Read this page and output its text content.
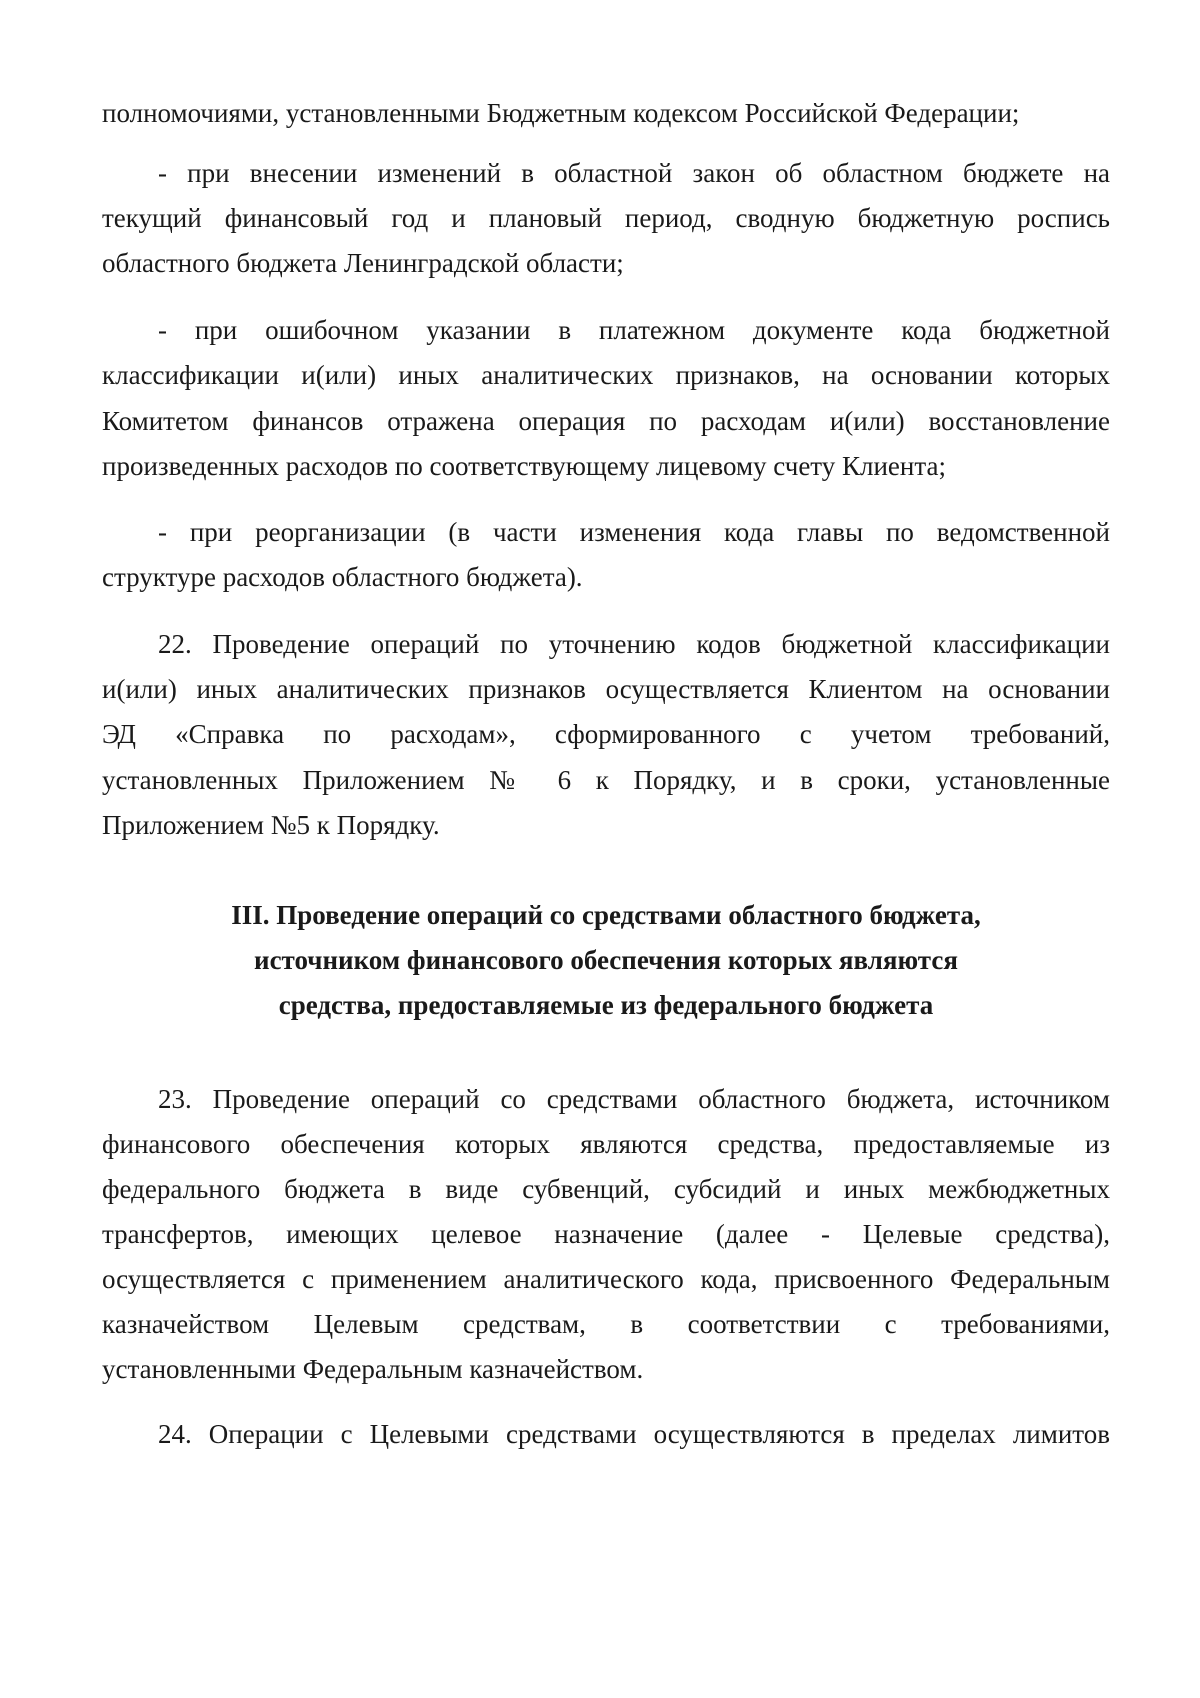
полномочиями, установленными Бюджетным кодексом Российской Федерации;
- при внесении изменений в областной закон об областном бюджете на
текущий финансовый год и плановый период, сводную бюджетную роспись
областного бюджета Ленинградской области;
- при ошибочном указании в платежном документе кода бюджетной
классификации и(или) иных аналитических признаков, на основании которых
Комитетом финансов отражена операция по расходам и(или) восстановление
произведенных расходов по соответствующему лицевому счету Клиента;
- при реорганизации (в части изменения кода главы по ведомственной
структуре расходов областного бюджета).
22. Проведение операций по уточнению кодов бюджетной классификации
и(или) иных аналитических признаков осуществляется Клиентом на основании
ЭД «Справка по расходам», сформированного с учетом требований,
установленных Приложением № 6 к Порядку, и в сроки, установленные
Приложением №5 к Порядку.
III. Проведение операций со средствами областного бюджета,
источником финансового обеспечения которых являются
средства, предоставляемые из федерального бюджета
23. Проведение операций со средствами областного бюджета, источником
финансового обеспечения которых являются средства, предоставляемые из
федерального бюджета в виде субвенций, субсидий и иных межбюджетных
трансфертов, имеющих целевое назначение (далее - Целевые средства),
осуществляется с применением аналитического кода, присвоенного Федеральным
казначейством Целевым средствам, в соответствии с требованиями,
установленными Федеральным казначейством.
24. Операции с Целевыми средствами осуществляются в пределах лимитов
